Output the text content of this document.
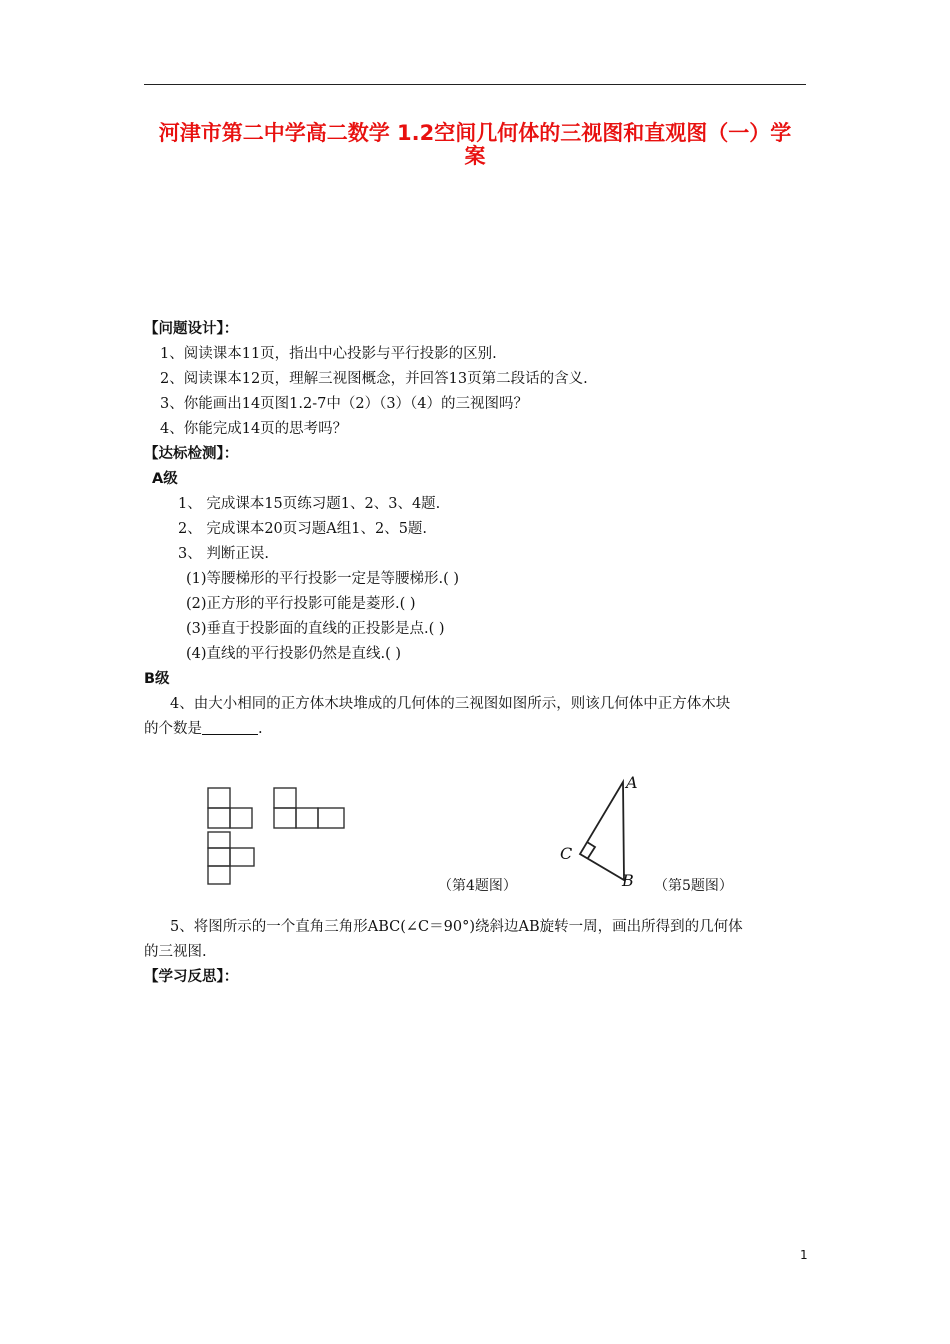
河津市第二中学高二数学 1.2空间几何体的三视图和直观图（一）学
案
【问题设计】：
1、阅读课本11页，指出中心投影与平行投影的区别.
2、阅读课本12页，理解三视图概念，并回答13页第二段话的含义.
3、你能画出14页图1.2-7中（2）（3）（4）的三视图吗？
4、你能完成14页的思考吗？
【达标检测】：
A级
1、 完成课本15页练习题1、2、3、4题.
2、 完成课本20页习题A组1、2、5题.
3、 判断正误.
(1)等腰梯形的平行投影一定是等腰梯形.( )
(2)正方形的平行投影可能是菱形.( )
(3)垂直于投影面的直线的正投影是点.( )
(4)直线的平行投影仍然是直线.( )
B级
4、由大小相同的正方体木块堆成的几何体的三视图如图所示，则该几何体中正方体木块
的个数是	.
（第4题图）
A
C
B （第5题图）
5、将图所示的一个直角三角形ABC(∠C＝90°)绕斜边AB旋转一周，画出所得到的几何体
的三视图.
【学习反思】：
1
